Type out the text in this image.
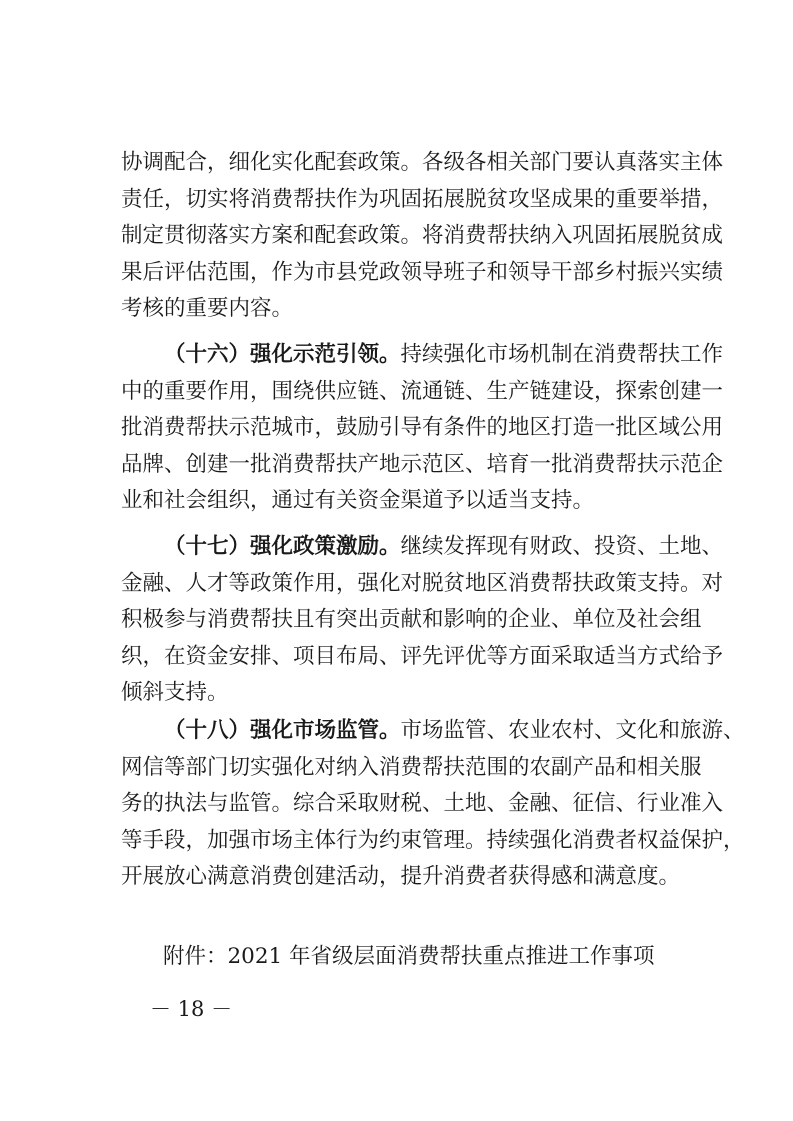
协调配合，细化实化配套政策。各级各相关部门要认真落实主体
责任，切实将消费帮扶作为巩固拓展脱贫攻坚成果的重要举措，
制定贯彻落实方案和配套政策。将消费帮扶纳入巩固拓展脱贫成
果后评估范围，作为市县党政领导班子和领导干部乡村振兴实绩
考核的重要内容。
（十六）强化示范引领。持续强化市场机制在消费帮扶工作
中的重要作用，围绕供应链、流通链、生产链建设，探索创建一
批消费帮扶示范城市，鼓励引导有条件的地区打造一批区域公用
品牌、创建一批消费帮扶产地示范区、培育一批消费帮扶示范企
业和社会组织，通过有关资金渠道予以适当支持。
（十七）强化政策激励。继续发挥现有财政、投资、土地、
金融、人才等政策作用，强化对脱贫地区消费帮扶政策支持。对
积极参与消费帮扶且有突出贡献和影响的企业、单位及社会组
织，在资金安排、项目布局、评先评优等方面采取适当方式给予
倾斜支持。
（十八）强化市场监管。市场监管、农业农村、文化和旅游、
网信等部门切实强化对纳入消费帮扶范围的农副产品和相关服
务的执法与监管。综合采取财税、土地、金融、征信、行业准入
等手段，加强市场主体行为约束管理。持续强化消费者权益保护，
开展放心满意消费创建活动，提升消费者获得感和满意度。
附件：2021 年省级层面消费帮扶重点推进工作事项
－ 18 －
